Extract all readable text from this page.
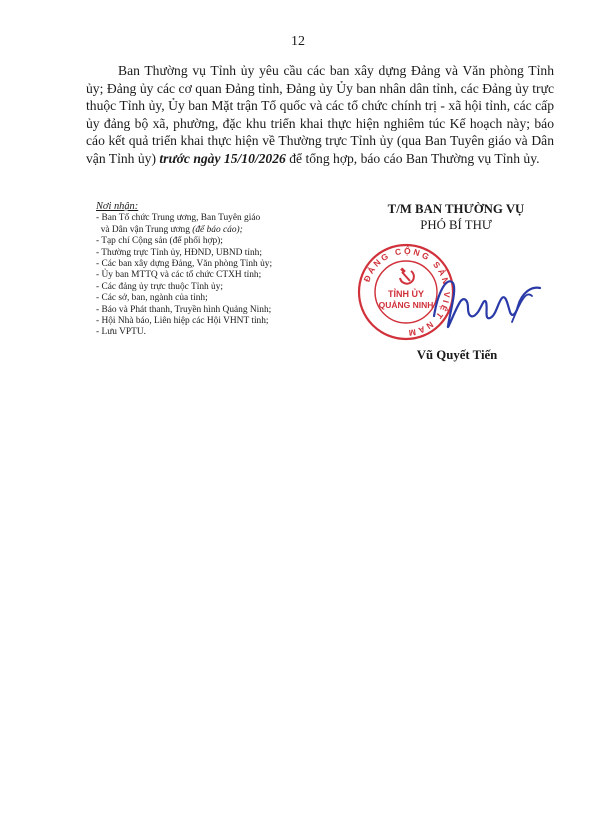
12

Ban Thường vụ Tỉnh ủy yêu cầu các ban xây dựng Đảng và Văn phòng Tỉnh ủy; Đảng ủy các cơ quan Đảng tỉnh, Đảng ủy Ủy ban nhân dân tỉnh, các Đảng ủy trực thuộc Tỉnh ủy, Ủy ban Mặt trận Tổ quốc và các tổ chức chính trị - xã hội tỉnh, các cấp ủy đảng bộ xã, phường, đặc khu triển khai thực hiện nghiêm túc Kế hoạch này; báo cáo kết quả triển khai thực hiện về Thường trực Tỉnh ủy (qua Ban Tuyên giáo và Dân vận Tỉnh ủy) trước ngày 15/10/2026 để tổng hợp, báo cáo Ban Thường vụ Tỉnh ủy.

Nơi nhận:
- Ban Tổ chức Trung ương, Ban Tuyên giáo
và Dân vận Trung ương (để báo cáo);
- Tạp chí Cộng sản (để phối hợp);
- Thường trực Tỉnh ủy, HĐND, UBND tỉnh;
- Các ban xây dựng Đảng, Văn phòng Tỉnh ủy;
- Ủy ban MTTQ và các tổ chức CTXH tỉnh;
- Các đảng ủy trực thuộc Tỉnh ủy;
- Các sở, ban, ngành của tỉnh;
- Báo và Phát thanh, Truyền hình Quảng Ninh;
- Hội Nhà báo, Liên hiệp các Hội VHNT tỉnh;
- Lưu VPTU.
T/M BAN THƯỜNG VỤ
PHÓ BÍ THƯ
ĐẢNG CỘNG SẢN VIỆT NAM
TỈNH ỦY
QUẢNG NINH
Vũ Quyết Tiến
